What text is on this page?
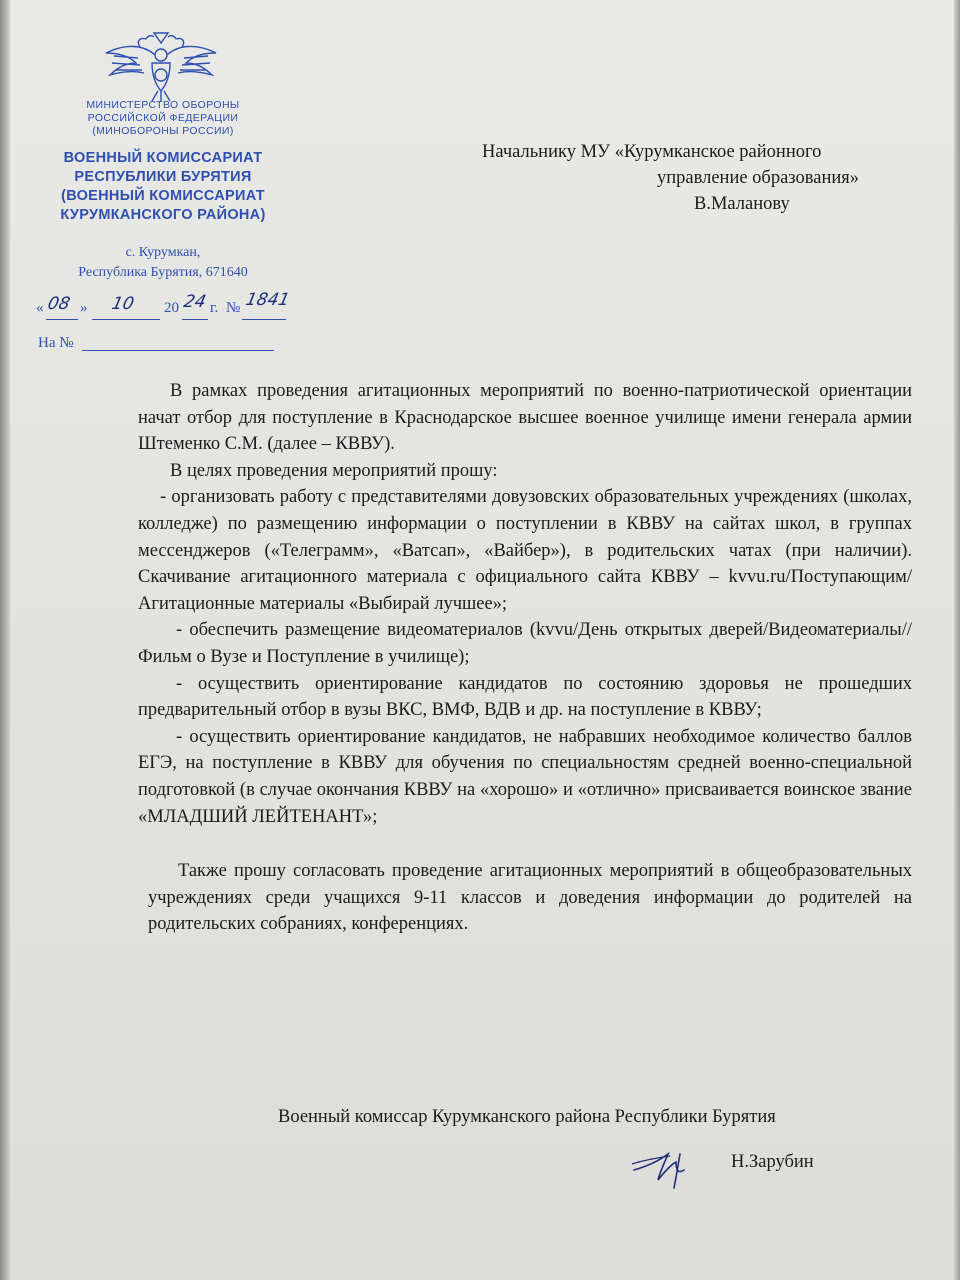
МИНИСТЕРСТВО ОБОРОНЫ
РОССИЙСКОЙ ФЕДЕРАЦИИ
(МИНОБОРОНЫ РОССИИ)
ВОЕННЫЙ КОМИССАРИАТ
РЕСПУБЛИКИ БУРЯТИЯ
(ВОЕННЫЙ КОМИССАРИАТ
КУРУМКАНСКОГО РАЙОНА)
с. Курумкан,
Республика Бурятия, 671640
« 08 » 10 20 24 г. № 1841
На №
Начальнику МУ «Курумканское районного
управление образования»
В.Маланову

В рамках проведения агитационных мероприятий по военно-патриотической ориентации начат отбор для поступление в Краснодарское высшее военное училище имени генерала армии Штеменко С.М. (далее – КВВУ).

В целях проведения мероприятий прошу:

- организовать работу с представителями довузовских образовательных учреждениях (школах, колледже) по размещению информации о поступлении в КВВУ на сайтах школ, в группах мессенджеров («Телеграмм», «Ватсап», «Вайбер»), в родительских чатах (при наличии). Скачивание агитационного материала с официального сайта КВВУ – kvvu.ru/Поступающим/Агитационные материалы «Выбирай лучшее»;

- обеспечить размещение видеоматериалов (kvvu/День открытых дверей/Видеоматериалы//Фильм о Вузе и Поступление в училище);

- осуществить ориентирование кандидатов по состоянию здоровья не прошедших предварительный отбор в вузы ВКС, ВМФ, ВДВ и др. на поступление в КВВУ;

- осуществить ориентирование кандидатов, не набравших необходимое количество баллов ЕГЭ, на поступление в КВВУ для обучения по специальностям средней военно-специальной подготовкой (в случае окончания КВВУ на «хорошо» и «отлично» присваивается воинское звание «МЛАДШИЙ ЛЕЙТЕНАНТ»;

Также прошу согласовать проведение агитационных мероприятий в общеобразовательных учреждениях среди учащихся 9-11 классов и доведения информации до родителей на родительских собраниях, конференциях.

Военный комиссар Курумканского района Республики Бурятия
Н.Зарубин
